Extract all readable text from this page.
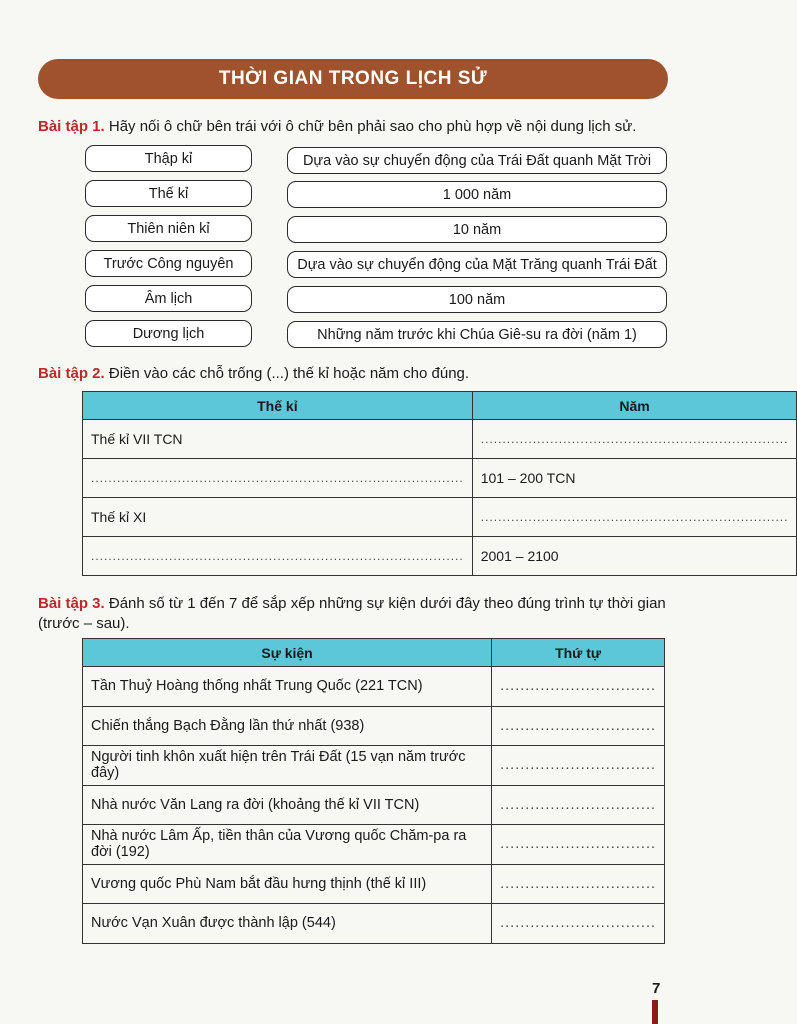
THỜI GIAN TRONG LỊCH SỬ
Bài tập 1. Hãy nối ô chữ bên trái với ô chữ bên phải sao cho phù hợp về nội dung lịch sử.
Thập kỉ
Thế kỉ
Thiên niên kỉ
Trước Công nguyên
Âm lịch
Dương lịch
Dựa vào sự chuyển động của Trái Đất quanh Mặt Trời
1 000 năm
10 năm
Dựa vào sự chuyển động của Mặt Trăng quanh Trái Đất
100 năm
Những năm trước khi Chúa Giê-su ra đời (năm 1)
Bài tập 2. Điền vào các chỗ trống (...) thế kỉ hoặc năm cho đúng.
Thế kỉ	Năm
Thế kỉ VII TCN	.......................................................................
......................................................................................	101 – 200 TCN
Thế kỉ XI	.......................................................................
......................................................................................	2001 – 2100
Bài tập 3. Đánh số từ 1 đến 7 để sắp xếp những sự kiện dưới đây theo đúng trình tự thời gian (trước – sau).
Sự kiện	Thứ tự
Tần Thuỷ Hoàng thống nhất Trung Quốc (221 TCN)	...............................
Chiến thắng Bạch Đằng lần thứ nhất (938)	...............................
Người tinh khôn xuất hiện trên Trái Đất (15 vạn năm trước đây)	...............................
Nhà nước Văn Lang ra đời (khoảng thế kỉ VII TCN)	...............................
Nhà nước Lâm Ấp, tiền thân của Vương quốc Chăm-pa ra đời (192)	...............................
Vương quốc Phù Nam bắt đầu hưng thịnh (thế kỉ III)	...............................
Nước Vạn Xuân được thành lập (544)	...............................
7
